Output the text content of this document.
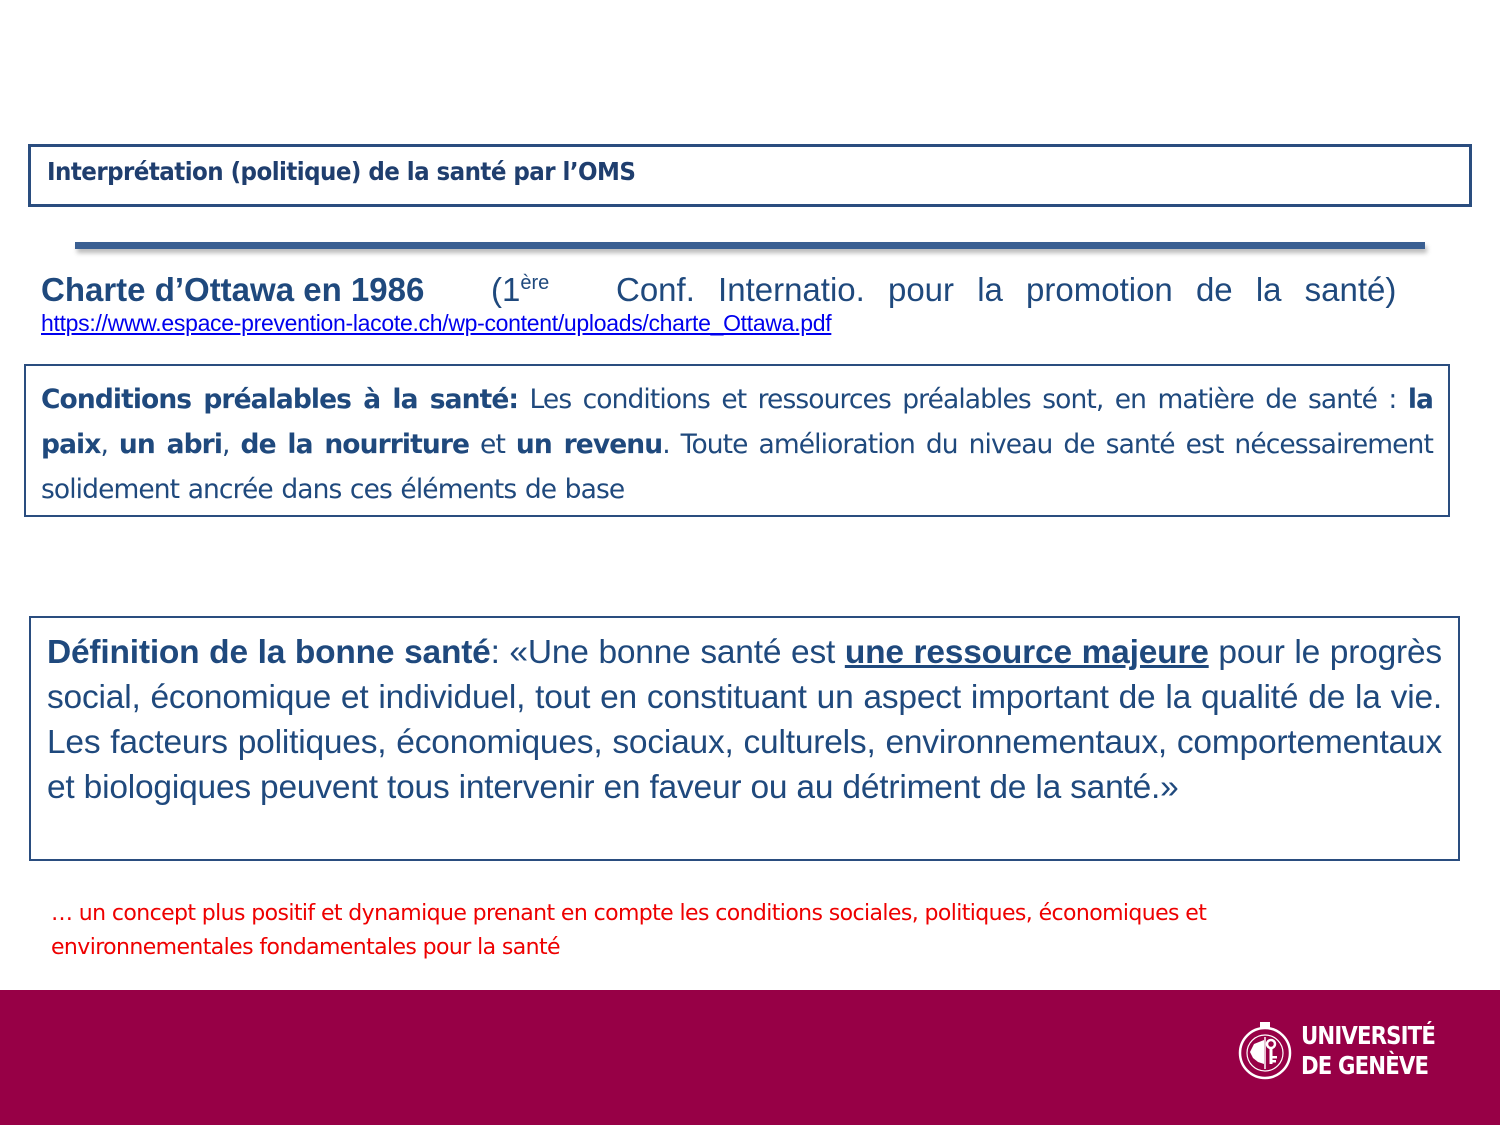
Interprétation (politique) de la santé par l’OMS
Charte d’Ottawa en 1986 (1ère Conf. Internatio. pour la promotion de la santé)
https://www.espace-prevention-lacote.ch/wp-content/uploads/charte_Ottawa.pdf

Conditions préalables à la santé: Les conditions et ressources préalables sont, en matière de santé : la paix, un abri, de la nourriture et un revenu. Toute amélioration du niveau de santé est nécessairement solidement ancrée dans ces éléments de base

Définition de la bonne santé: «Une bonne santé est une ressource majeure pour le progrès social, économique et individuel, tout en constituant un aspect important de la qualité de la vie. Les facteurs politiques, économiques, sociaux, culturels, environnementaux, comportementaux et biologiques peuvent tous intervenir en faveur ou au détriment de la santé.»

… un concept plus positif et dynamique prenant en compte les conditions sociales, politiques, économiques et environnementales fondamentales pour la santé

UNIVERSITÉ
DE GENÈVE
